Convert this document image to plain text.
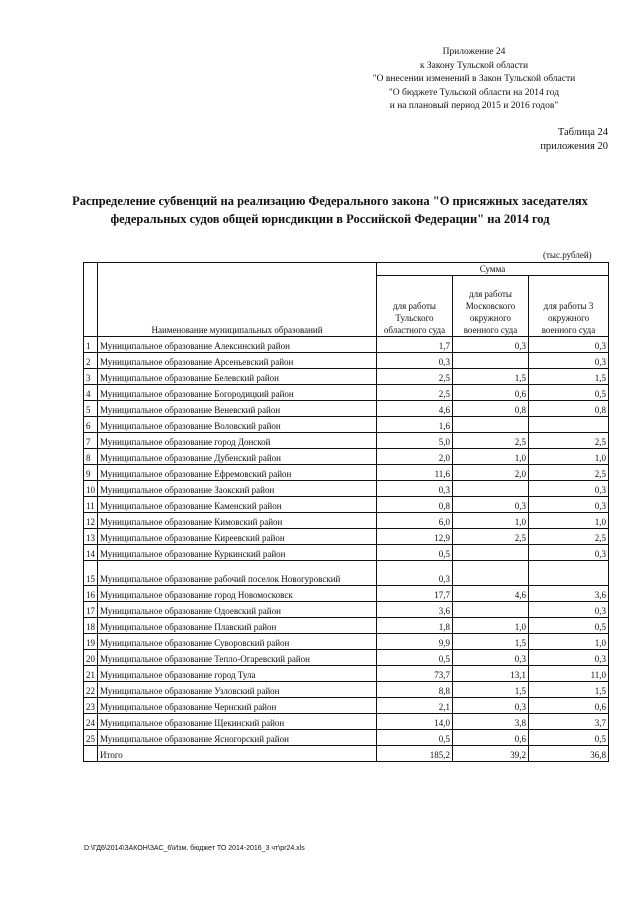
Приложение 24
к Закону Тульской области
"О внесении изменений в Закон Тульской области
"О бюджете Тульской области на 2014 год
и на плановый период 2015 и 2016 годов"
Таблица 24
приложения 20
Распределение субвенций на реализацию Федерального закона "О присяжных заседателях
федеральных судов общей юрисдикции в Российской Федерации" на 2014 год
(тыс.рублей)
	Наименование муниципальных образований	Сумма		
		для работы Тульского областного суда	для работы Московского окружного военного суда	для работы 3 окружного военного суда
1	Муниципальное образование Алексинский район	1,7	0,3	0,3
2	Муниципальное образование Арсеньевский район	0,3		0,3
3	Муниципальное образование Белевский район	2,5	1,5	1,5
4	Муниципальное образование Богородицкий район	2,5	0,6	0,5
5	Муниципальное образование Веневский район	4,6	0,8	0,8
6	Муниципальное образование Воловский район	1,6		
7	Муниципальное образование город Донской	5,0	2,5	2,5
8	Муниципальное образование Дубенский район	2,0	1,0	1,0
9	Муниципальное образование Ефремовский район	11,6	2,0	2,5
10	Муниципальное образование Заокский район	0,3		0,3
11	Муниципальное образование Каменский район	0,8	0,3	0,3
12	Муниципальное образование Кимовский район	6,0	1,0	1,0
13	Муниципальное образование Киреевский район	12,9	2,5	2,5
14	Муниципальное образование Куркинский район	0,5		0,3
15	Муниципальное образование рабочий поселок Новогуровский	0,3		
16	Муниципальное образование город Новомосковск	17,7	4,6	3,6
17	Муниципальное образование Одоевский район	3,6		0,3
18	Муниципальное образование Плавский район	1,8	1,0	0,5
19	Муниципальное образование Суворовский район	9,9	1,5	1,0
20	Муниципальное образование Тепло-Огаревский район	0,5	0,3	0,3
21	Муниципальное образование город Тула	73,7	13,1	11,0
22	Муниципальное образование Узловский район	8,8	1,5	1,5
23	Муниципальное образование Чернский район	2,1	0,3	0,6
24	Муниципальное образование Щекинский район	14,0	3,8	3,7
25	Муниципальное образование Ясногорский район	0,5	0,6	0,5
	Итого	185,2	39,2	36,8
D:\ГД6\2014\ЗАКОН\ЗАС_6\Изм. бюджет ТО 2014-2016_3 чт\pr24.xls
